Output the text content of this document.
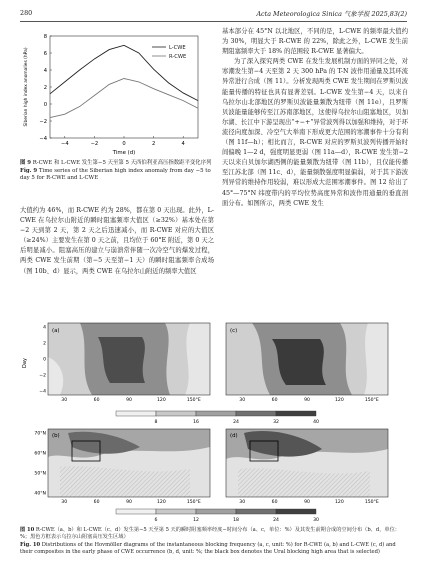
280	Acta Meteorologica Sinica 气象学报 2025,83(2)
−4	−2	0	2	4
−4
−2
0
2
4
6
8
L-CWE
R-CWE
Time (d)
Siberian high index anomalies (hPa)
图 9 R-CWE 和 L-CWE 发生第−5 天至第 5 天西伯利亚高压指数距平变化序列
Fig. 9 Time series of the Siberian high index anomaly from day −5 to day 5 for R-CWE and L-CWE

大值约为 46%，而 R-CWE 约为 28%，都在第 0 天出现。此外，L-CWE 在乌拉尔山附近的瞬时阻塞频率大值区（≥32%）基本处在第−2 天到第 2 天，第 2 天之后迅速减小，而 R-CWE 对应的大值区（≥24%）主要发生在第 0 天之前，且均位于 60°E 附近，第 0 天之后明显减小。阻塞高压的建立与崩溃常伴随一次冷空气的爆发过程，两类 CWE 发生前期（第−5 天至第−1 天）的瞬时阻塞频率合成场（图 10b、d）显示，两类 CWE 在乌拉尔山附近的频率大值区

基本部分在 45°N 以北地区，不同的是，L-CWE 的频率最大值约为 30%，明显大于 R-CWE 的 22%，除此之外，L-CWE 发生前期阻塞频率大于 18% 的范围较 R-CWE 显著偏大。

为了深入探究两类 CWE 在发生发展机制方面的异同之处，对寒潮发生第−4 天至第 2 天 300 hPa 的 T-N 波作用通量及其环流异常进行合成（图 11）。分析发现两类 CWE 发生期间在罗斯贝波能量传播的特征也具有显著差别。L-CWE 发生第−4 天，以来自乌拉尔山北部地区的罗斯贝波能量频散为纽带（图 11e），且罗斯贝波能量能够传至江苏南部地区，这使得乌拉尔山阻塞地区，贝加尔湖、长江中下游呈现出“+−+”异常波列得以加强和维持，对于环流径向度加深、冷空气大举南下形成更大范围的寒潮事件十分有利（图 11f—h）；相比而言，R-CWE 对应的罗斯贝波列传播开始时间偏晚 1—2 d，强度明显更弱（图 11a—d），R-CWE 发生第−2 天以来自贝加尔湖西侧的能量频散为纽带（图 11b），且仅能传播至江苏北部（图 11c、d），能量频散强度明显偏弱，对于其下游波列异常的维持作用较弱，难以形成大范围寒潮事件。图 12 给出了 45°—75°N 纬度带内的平均位势高度异常和波作用通量的垂直剖面分布。如图所示，两类 CWE 发生

(a)	(c)
(b)	(d)
Day
30	60	90	120	150°E
4
2
0
−2
−4
30	60	90	120	150°E
30	60	90	120	150°E
70°N
60°N
50°N
40°N
30	60	90	120	150°E
8	16	24	32	40
6	12	18	24	30
图 10 R-CWE（a、b）和 L-CWE（c、d）发生第−5 天至第 5 天的瞬时阻塞频率经度−时间分布（a、c，单位：%）及其发生前期合成的空间分布（b、d，单位：%；黑色方框表示乌拉尔山阻塞高压发生区域）
Fig. 10 Distributions of the Hovmöller diagrams of the instantaneous blocking frequency (a, c, unit: %) for R-CWE (a, b) and L-CWE (c, d) and their composites in the early phase of CWE occurrence (b, d, unit: %; the black box denotes the Ural blocking high area that is selected)
